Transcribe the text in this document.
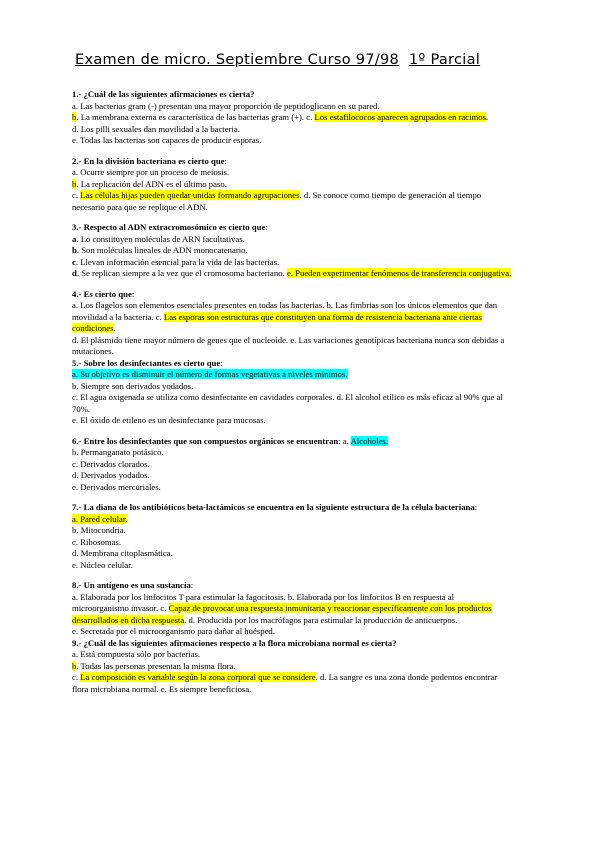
Examen de micro. Septiembre Curso 97/98 1º Parcial
1.- ¿Cuál de las siguientes afirmaciones es cierta?
a. Las bacterias gram (-) presentan una mayor proporción de peptidoglicano en su pared.
b. La membrana externa es característica de las bacterias gram (+). c. Los estafilococos aparecen agrupados en racimos.
d. Los pilli sexuales dan movilidad a la bacteria.
e. Todas las bacterias son capaces de producir esporas.
2.- En la división bacteriana es cierto que:
a. Ocurre siempre por un proceso de meiosis.
b. La replicación del ADN es el último paso.
c. Las células hijas pueden quedar unidas formando agrupaciones. d. Se conoce como tiempo de generación al tiempo necesario para que se replique el ADN.
3.- Respecto al ADN extracromosómico es cierto que:
a. Lo constituyen moléculas de ARN facultativas.
b. Son moléculas lineales de ADN monocatenario.
c. Llevan información esencial para la vida de las bacterias.
d. Se replican siempre a la vez que el cromosoma bacteriano. e. Pueden experimentar fenómenos de transferencia conjugativa.
4.- Es cierto que:
a. Los flagelos son elementos esenciales presentes en todas las bacterias. b. Las fimbrias son los únicos elementos que dan movilidad a la bacteria. c. Las esporas son estructuras que constituyen una forma de resistencia bacteriana ante ciertas condiciones.
d. El plásmido tiene mayor número de genes que el nucleoide. e. Las variaciones genotípicas bacteriana nunca son debidas a mutaciones.
5.- Sobre los desinfectantes es cierto que:
a. Su objetivo es disminuir el número de formas vegetativas a niveles mínimos.
b. Siempre son derivados yodados.
c. El agua oxigenada se utiliza como desinfectante en cavidades corporales. d. El alcohol etílico es más eficaz al 90% que al 70%.
e. El óxido de etileno es un desinfectante para mucosas.
6.- Entre los desinfectantes que son compuestos orgánicos se encuentran: a. Alcoholes.
b. Permanganato potásico.
c. Derivados clorados.
d. Derivados yodados.
e. Derivados mercuriales.
7.- La diana de los antibióticos beta-lactámicos se encuentra en la siguiente estructura de la célula bacteriana:
a. Pared celular.
b. Mitocondria.
c. Ribosomas.
d. Membrana citoplasmática.
e. Núcleo celular.
8.- Un antígeno es una sustancia:
a. Elaborada por los linfocitos T para estimular la fagocitosis. b. Elaborada por los linfocitos B en respuesta al microorganismo invasor. c. Capaz de provocar una respuesta inmunitaria y reaccionar específicamente con los productos desarrollados en dicha respuesta. d. Producida por los macrófagos para estimular la producción de anticuerpos.
e. Secretada por el microorganismo para dañar al huésped.
9.- ¿Cuál de las siguientes afirmaciones respecto a la flora microbiana normal es cierta?
a. Está compuesta sólo por bacterias.
b. Todas las personas presentan la misma flora.
c. La composición es variable según la zona corporal que se considere. d. La sangre es una zona donde podemos encontrar flora microbiana normal. e. Es siempre beneficiosa.
